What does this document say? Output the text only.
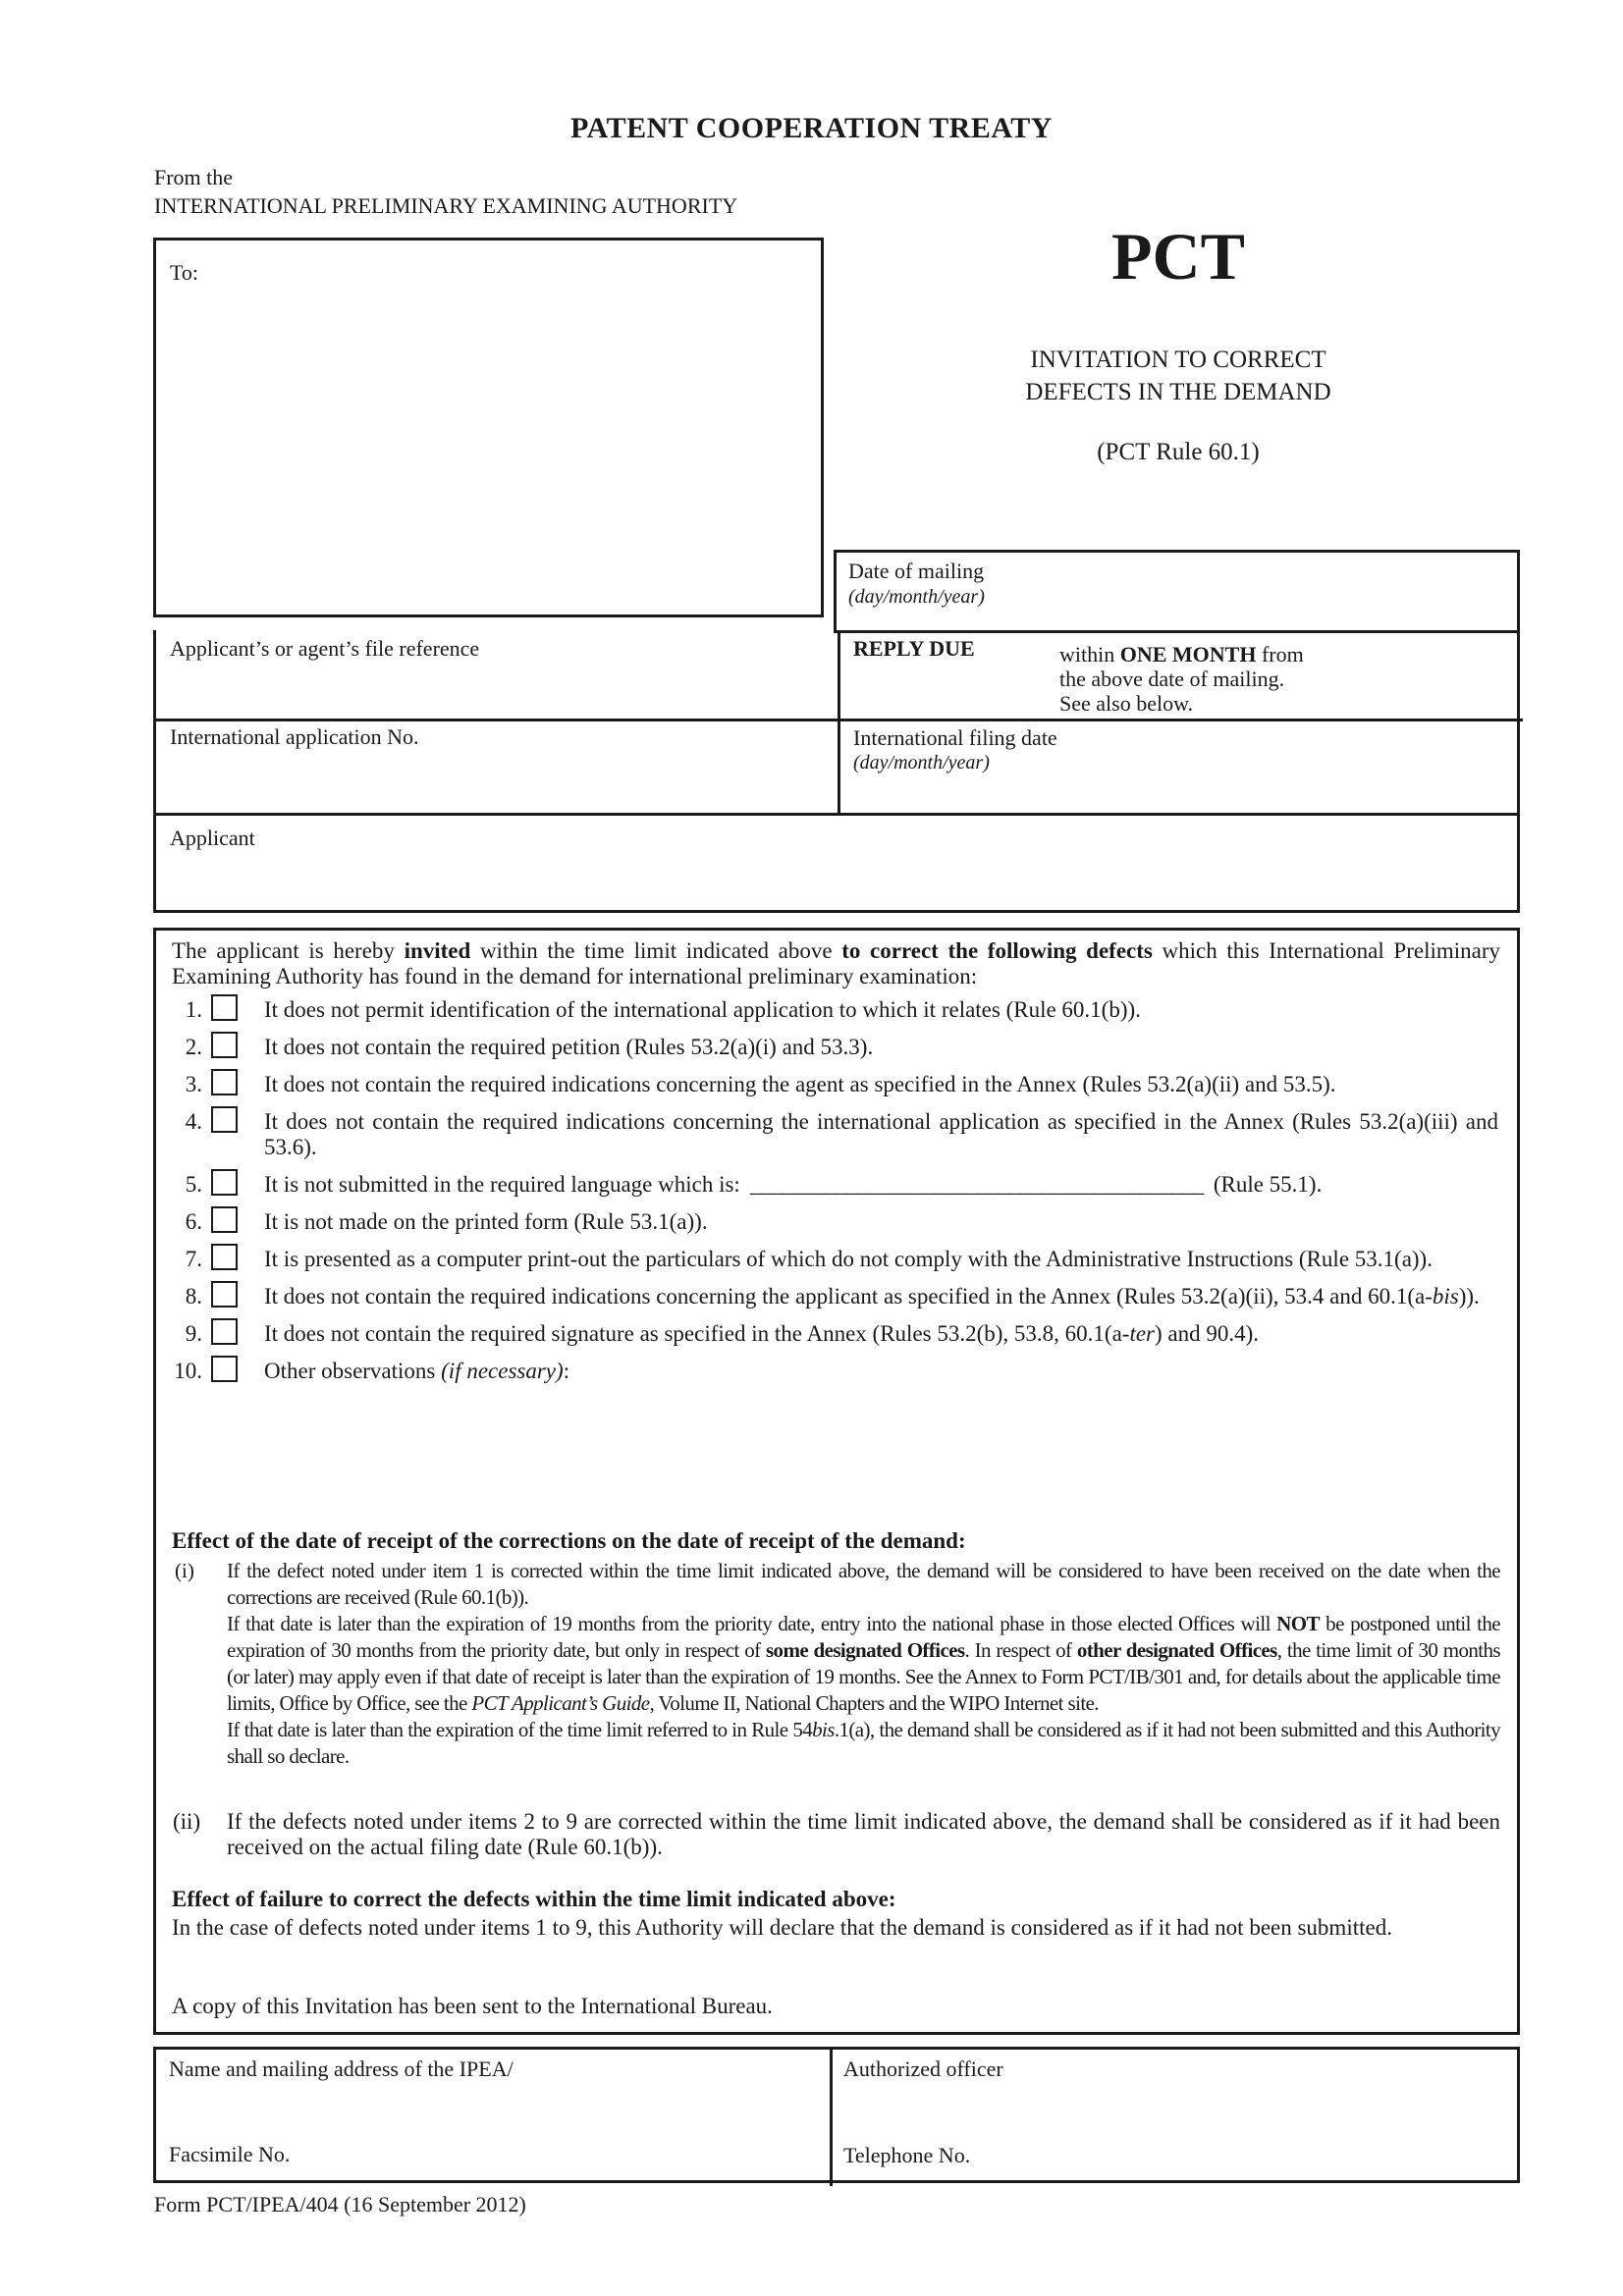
PATENT COOPERATION TREATY
From the
INTERNATIONAL PRELIMINARY EXAMINING AUTHORITY
To:	PCT
INVITATION TO CORRECT
DEFECTS IN THE DEMAND
(PCT Rule 60.1)
Date of mailing
(day/month/year)
Applicant’s or agent’s file reference	REPLY DUE	within ONE MONTH from
the above date of mailing.
See also below.
International application No.	International filing date
(day/month/year)
Applicant
The applicant is hereby invited within the time limit indicated above to correct the following defects which this International Preliminary Examining Authority has found in the demand for international preliminary examination:
1.	It does not permit identification of the international application to which it relates (Rule 60.1(b)).
2.	It does not contain the required petition (Rules 53.2(a)(i) and 53.3).
3.	It does not contain the required indications concerning the agent as specified in the Annex (Rules 53.2(a)(ii) and 53.5).
4.	It does not contain the required indications concerning the international application as specified in the Annex (Rules 53.2(a)(iii) and 53.6).
5.	It is not submitted in the required language which is: __________________________________________ (Rule 55.1).
6.	It is not made on the printed form (Rule 53.1(a)).
7.	It is presented as a computer print-out the particulars of which do not comply with the Administrative Instructions (Rule 53.1(a)).
8.	It does not contain the required indications concerning the applicant as specified in the Annex (Rules 53.2(a)(ii), 53.4 and 60.1(a-bis)).
9.	It does not contain the required signature as specified in the Annex (Rules 53.2(b), 53.8, 60.1(a-ter) and 90.4).
10.	Other observations (if necessary):
Effect of the date of receipt of the corrections on the date of receipt of the demand:
(i) If the defect noted under item 1 is corrected within the time limit indicated above, the demand will be considered to have been received on the date when the corrections are received (Rule 60.1(b)).
If that date is later than the expiration of 19 months from the priority date, entry into the national phase in those elected Offices will NOT be postponed until the expiration of 30 months from the priority date, but only in respect of some designated Offices. In respect of other designated Offices, the time limit of 30 months (or later) may apply even if that date of receipt is later than the expiration of 19 months. See the Annex to Form PCT/IB/301 and, for details about the applicable time limits, Office by Office, see the PCT Applicant’s Guide, Volume II, National Chapters and the WIPO Internet site.
If that date is later than the expiration of the time limit referred to in Rule 54bis.1(a), the demand shall be considered as if it had not been submitted and this Authority shall so declare.
(ii) If the defects noted under items 2 to 9 are corrected within the time limit indicated above, the demand shall be considered as if it had been received on the actual filing date (Rule 60.1(b)).
Effect of failure to correct the defects within the time limit indicated above:
In the case of defects noted under items 1 to 9, this Authority will declare that the demand is considered as if it had not been submitted.
A copy of this Invitation has been sent to the International Bureau.
Name and mailing address of the IPEA/
Facsimile No.
Authorized officer
Telephone No.
Form PCT/IPEA/404 (16 September 2012)
